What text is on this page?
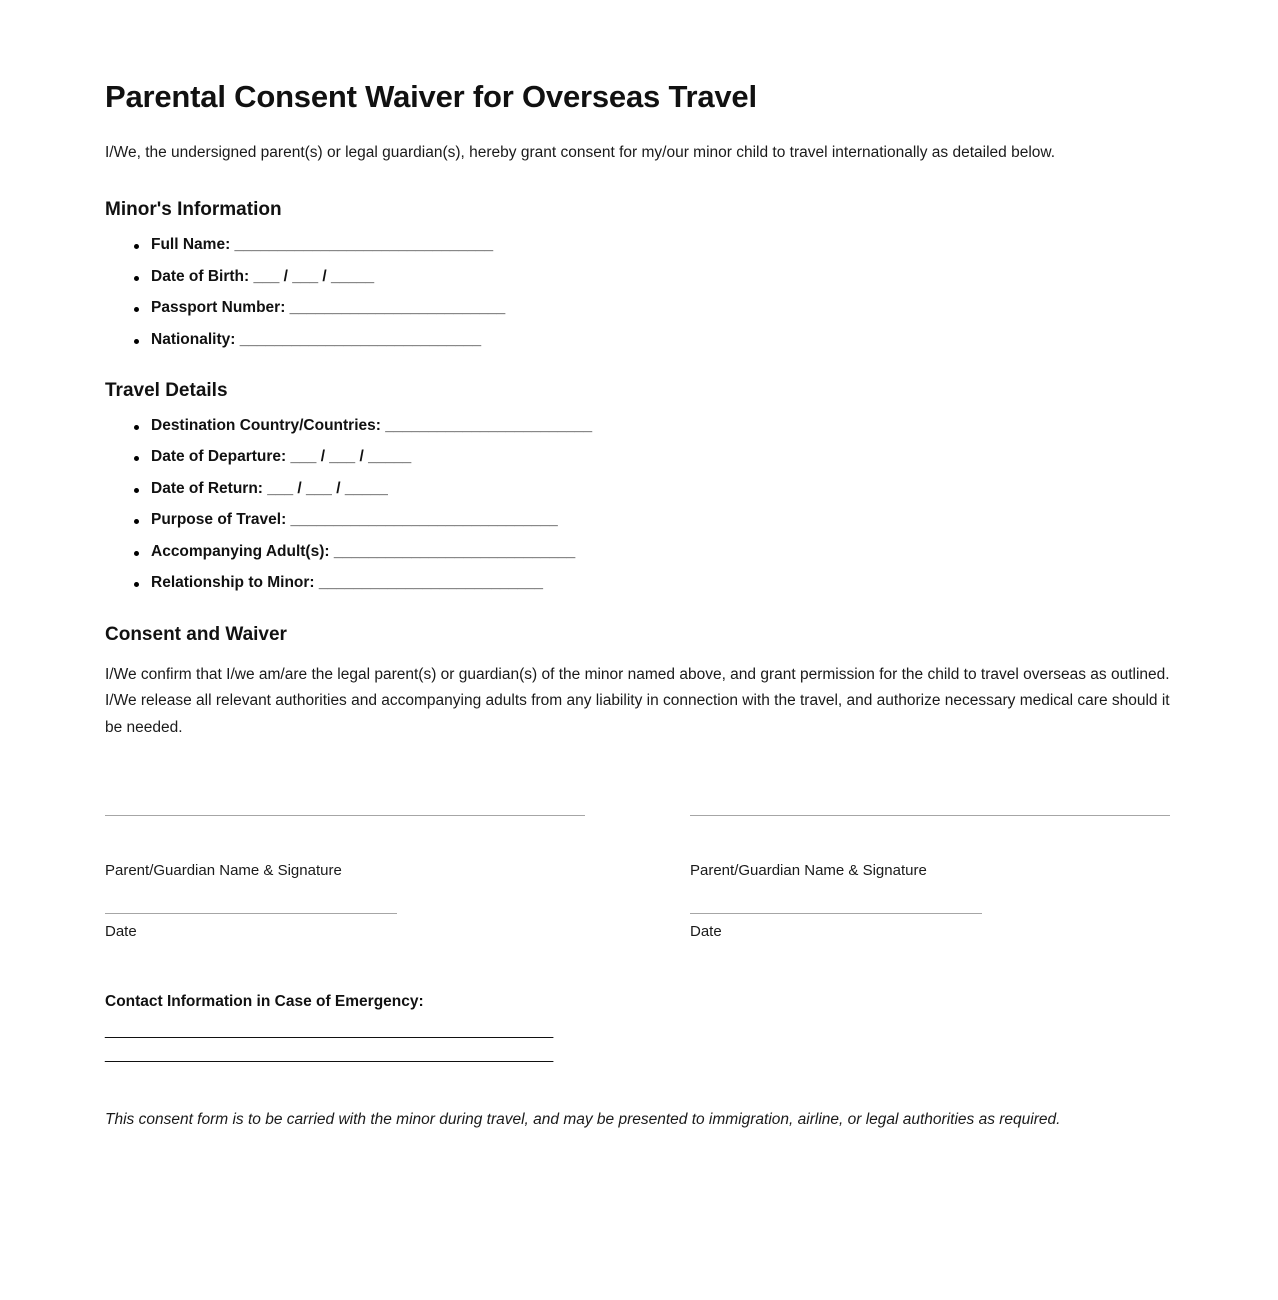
Parental Consent Waiver for Overseas Travel

I/We, the undersigned parent(s) or legal guardian(s), hereby grant consent for my/our minor child to travel internationally as detailed below.

Minor's Information
Full Name: ______________________________
Date of Birth: ___ / ___ / _____
Passport Number: _________________________
Nationality: ____________________________
Travel Details
Destination Country/Countries: ________________________
Date of Departure: ___ / ___ / _____
Date of Return: ___ / ___ / _____
Purpose of Travel: _______________________________
Accompanying Adult(s): ____________________________
Relationship to Minor: __________________________
Consent and Waiver

I/We confirm that I/we am/are the legal parent(s) or guardian(s) of the minor named above, and grant permission for the child to travel overseas as outlined. I/We release all relevant authorities and accompanying adults from any liability in connection with the travel, and authorize necessary medical care should it be needed.

Parent/Guardian Name & Signature
Date
Parent/Guardian Name & Signature
Date
Contact Information in Case of Emergency:
____________________________________________________
____________________________________________________

This consent form is to be carried with the minor during travel, and may be presented to immigration, airline, or legal authorities as required.
